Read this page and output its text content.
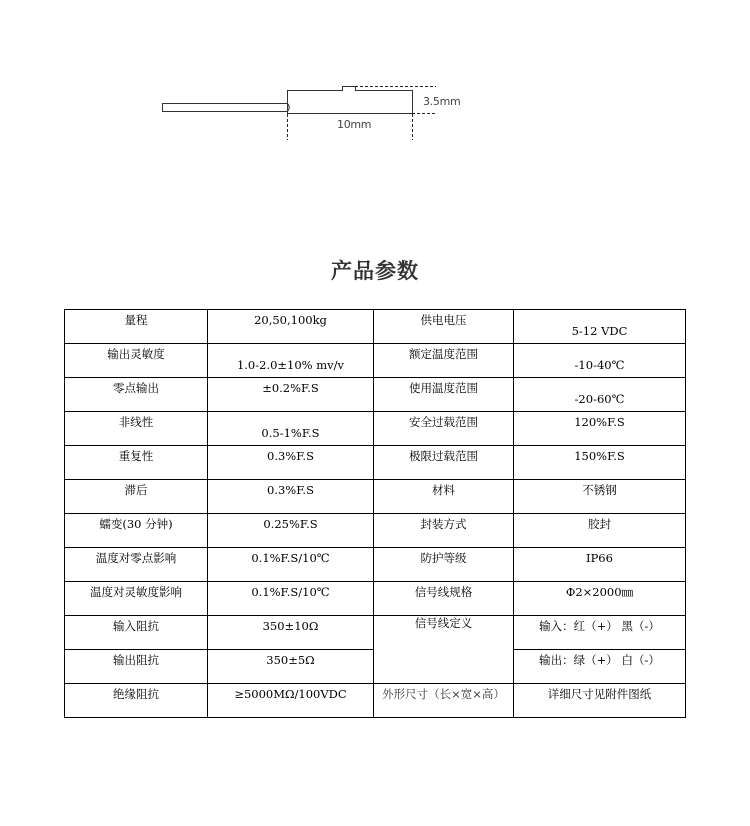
3.5mm
10mm
产品参数
量程	20,50,100kg	供电电压	5-12 VDC

输出灵敏度	1.0-2.0±10% mv/v	额定温度范围	-10-40℃

零点输出	±0.2%F.S	使用温度范围	-20-60℃

非线性	0.5-1%F.S	安全过载范围	120%F.S

重复性	0.3%F.S	极限过载范围	150%F.S

滞后	0.3%F.S	材料	不锈钢

蠕变(30 分钟)	0.25%F.S	封装方式	胶封

温度对零点影响	0.1%F.S/10℃	防护等级	IP66

温度对灵敏度影响	0.1%F.S/10℃	信号线规格	Φ2×2000㎜

输入阻抗	350±10Ω	信号线定义	输入：红（+） 黑（-）

输出阻抗	350±5Ω		输出：绿（+） 白（-）

绝缘阻抗	≥5000MΩ/100VDC	外形尺寸（长×宽×高）	详细尺寸见附件图纸
